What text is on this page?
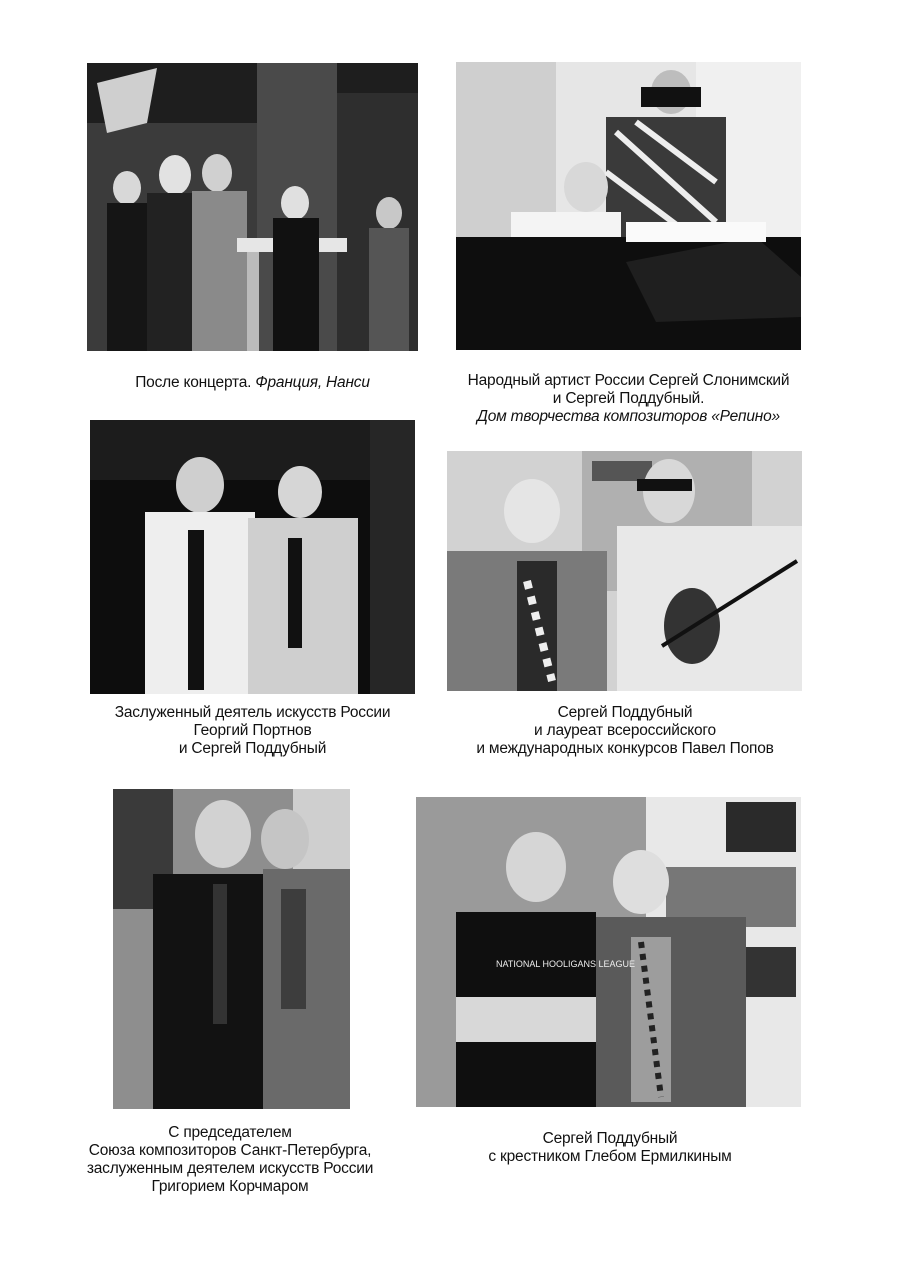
После концерта. Франция, Нанси	Народный артист России Сергей Слонимский
и Сергей Поддубный.
Дом творчества композиторов «Репино»
Заслуженный деятель искусств России
Георгий Портнов
и Сергей Поддубный
Сергей Поддубный
и лауреат всероссийского
и международных конкурсов Павел Попов
NATIONAL HOOLIGANS LEAGUE
С председателем
Союза композиторов Санкт-Петербурга,
заслуженным деятелем искусств России
Григорием Корчмаром
Сергей Поддубный
с крестником Глебом Ермилкиным
